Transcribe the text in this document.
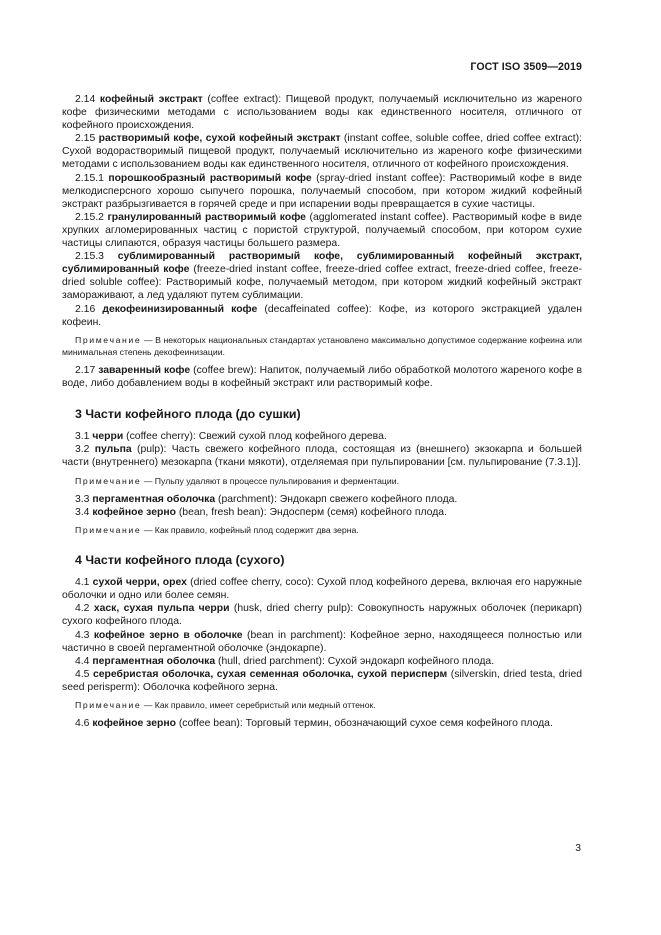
ГОСТ ISO 3509—2019

2.14 кофейный экстракт (coffee extract): Пищевой продукт, получаемый исключительно из жареного кофе физическими методами с использованием воды как единственного носителя, отличного от кофейного происхождения.

2.15 растворимый кофе, сухой кофейный экстракт (instant coffee, soluble coffee, dried coffee extract): Сухой водорастворимый пищевой продукт, получаемый исключительно из жареного кофе физическими методами с использованием воды как единственного носителя, отличного от кофейного происхождения.

2.15.1 порошкообразный растворимый кофе (spray-dried instant coffee): Растворимый кофе в виде мелкодисперсного хорошо сыпучего порошка, получаемый способом, при котором жидкий кофейный экстракт разбрызгивается в горячей среде и при испарении воды превращается в сухие частицы.

2.15.2 гранулированный растворимый кофе (agglomerated instant coffee). Растворимый кофе в виде хрупких агломерированных частиц с пористой структурой, получаемый способом, при котором сухие частицы слипаются, образуя частицы большего размера.

2.15.3 сублимированный растворимый кофе, сублимированный кофейный экстракт, сублимированный кофе (freeze-dried instant coffee, freeze-dried coffee extract, freeze-dried coffee, freeze-dried soluble coffee): Растворимый кофе, получаемый методом, при котором жидкий кофейный экстракт замораживают, а лед удаляют путем сублимации.

2.16 декофеинизированный кофе (decaffeinated coffee): Кофе, из которого экстракцией удален кофеин.

Примечание — В некоторых национальных стандартах установлено максимально допустимое содержание кофеина или минимальная степень декофеинизации.

2.17 заваренный кофе (coffee brew): Напиток, получаемый либо обработкой молотого жареного кофе в воде, либо добавлением воды в кофейный экстракт или растворимый кофе.

3 Части кофейного плода (до сушки)

3.1 черри (coffee cherry): Свежий сухой плод кофейного дерева.

3.2 пульпа (pulp): Часть свежего кофейного плода, состоящая из (внешнего) экзокарпа и большей части (внутреннего) мезокарпа (ткани мякоти), отделяемая при пульпировании [см. пульпирование (7.3.1)].

Примечание — Пульпу удаляют в процессе пульпирования и ферментации.

3.3 пергаментная оболочка (parchment): Эндокарп свежего кофейного плода.

3.4 кофейное зерно (bean, fresh bean): Эндосперм (семя) кофейного плода.

Примечание — Как правило, кофейный плод содержит два зерна.

4 Части кофейного плода (сухого)

4.1 сухой черри, орех (dried coffee cherry, coco): Сухой плод кофейного дерева, включая его наружные оболочки и одно или более семян.

4.2 хаск, сухая пульпа черри (husk, dried cherry pulp): Совокупность наружных оболочек (перикарп) сухого кофейного плода.

4.3 кофейное зерно в оболочке (bean in parchment): Кофейное зерно, находящееся полностью или частично в своей пергаментной оболочке (эндокарпе).

4.4 пергаментная оболочка (hull, dried parchment): Сухой эндокарп кофейного плода.

4.5 серебристая оболочка, сухая семенная оболочка, сухой перисперм (silverskin, dried testa, dried seed perisperm): Оболочка кофейного зерна.

Примечание — Как правило, имеет серебристый или медный оттенок.

4.6 кофейное зерно (coffee bean): Торговый термин, обозначающий сухое семя кофейного плода.

3
